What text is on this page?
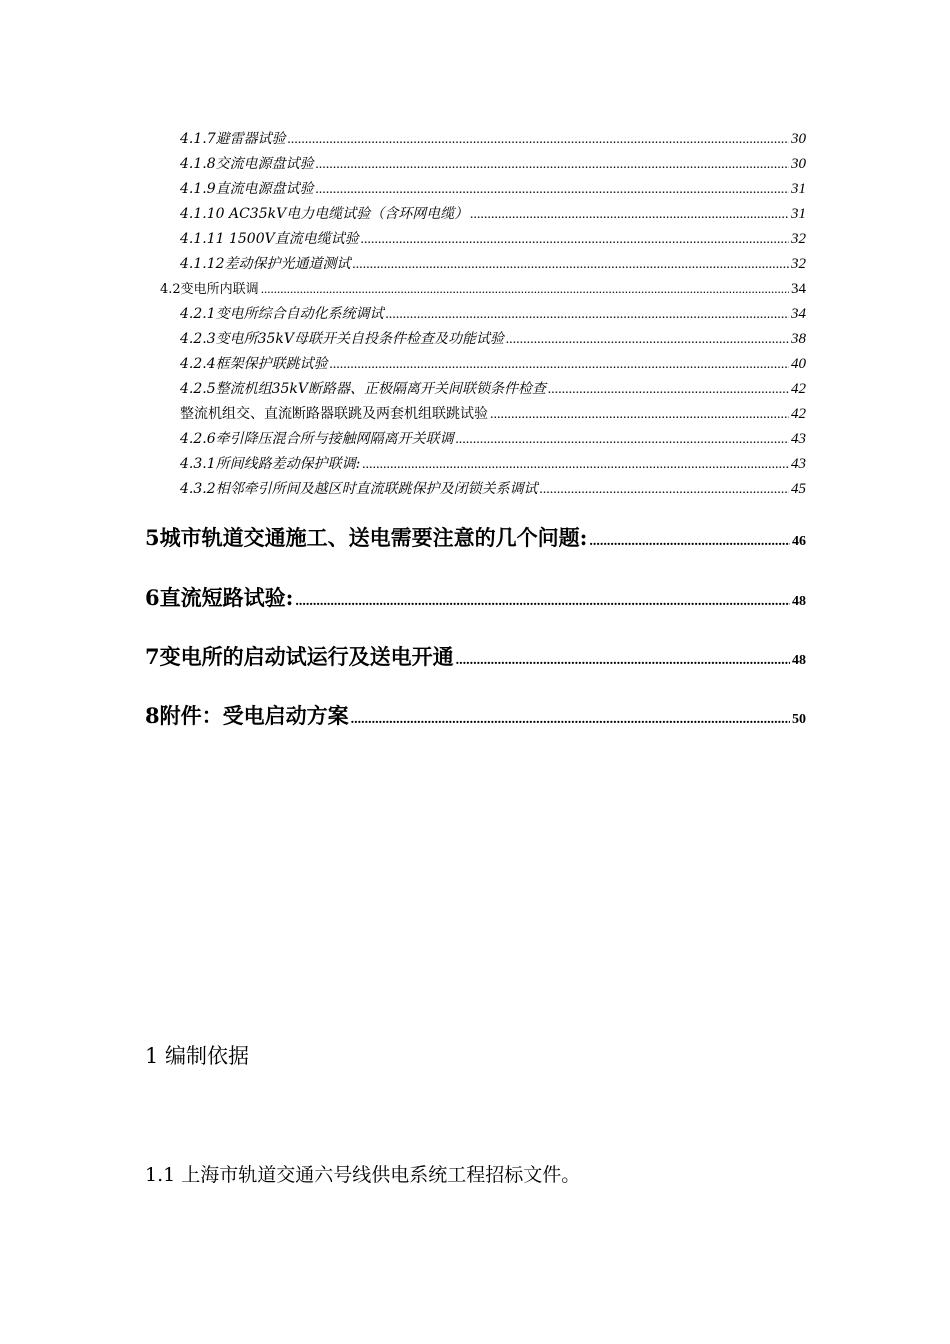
4.1.7避雷器试验 .....	30
4.1.8交流电源盘试验 .....	30
4.1.9直流电源盘试验 .....	31
4.1.10 AC35kV电力电缆试验（含环网电缆） .....	31
4.1.11 1500V直流电缆试验 .....	32
4.1.12差动保护光通道测试 .....	32
4.2变电所内联调 .....	34
4.2.1变电所综合自动化系统调试 .....	34
4.2.3变电所35kV母联开关自投条件检查及功能试验 .....	38
4.2.4框架保护联跳试验 .....	40
4.2.5整流机组35kV断路器、正极隔离开关间联锁条件检查 .....	42
整流机组交、直流断路器联跳及两套机组联跳试验 .....	42
4.2.6牵引降压混合所与接触网隔离开关联调 .....	43
4.3.1所间线路差动保护联调: .....	43
4.3.2相邻牵引所间及越区时直流联跳保护及闭锁关系调试 .....	45
5城市轨道交通施工、送电需要注意的几个问题: .....	46
6直流短路试验: .....	48
7变电所的启动试运行及送电开通 .....	48
8附件：受电启动方案 .....	50
1 编制依据
1.1 上海市轨道交通六号线供电系统工程招标文件。
